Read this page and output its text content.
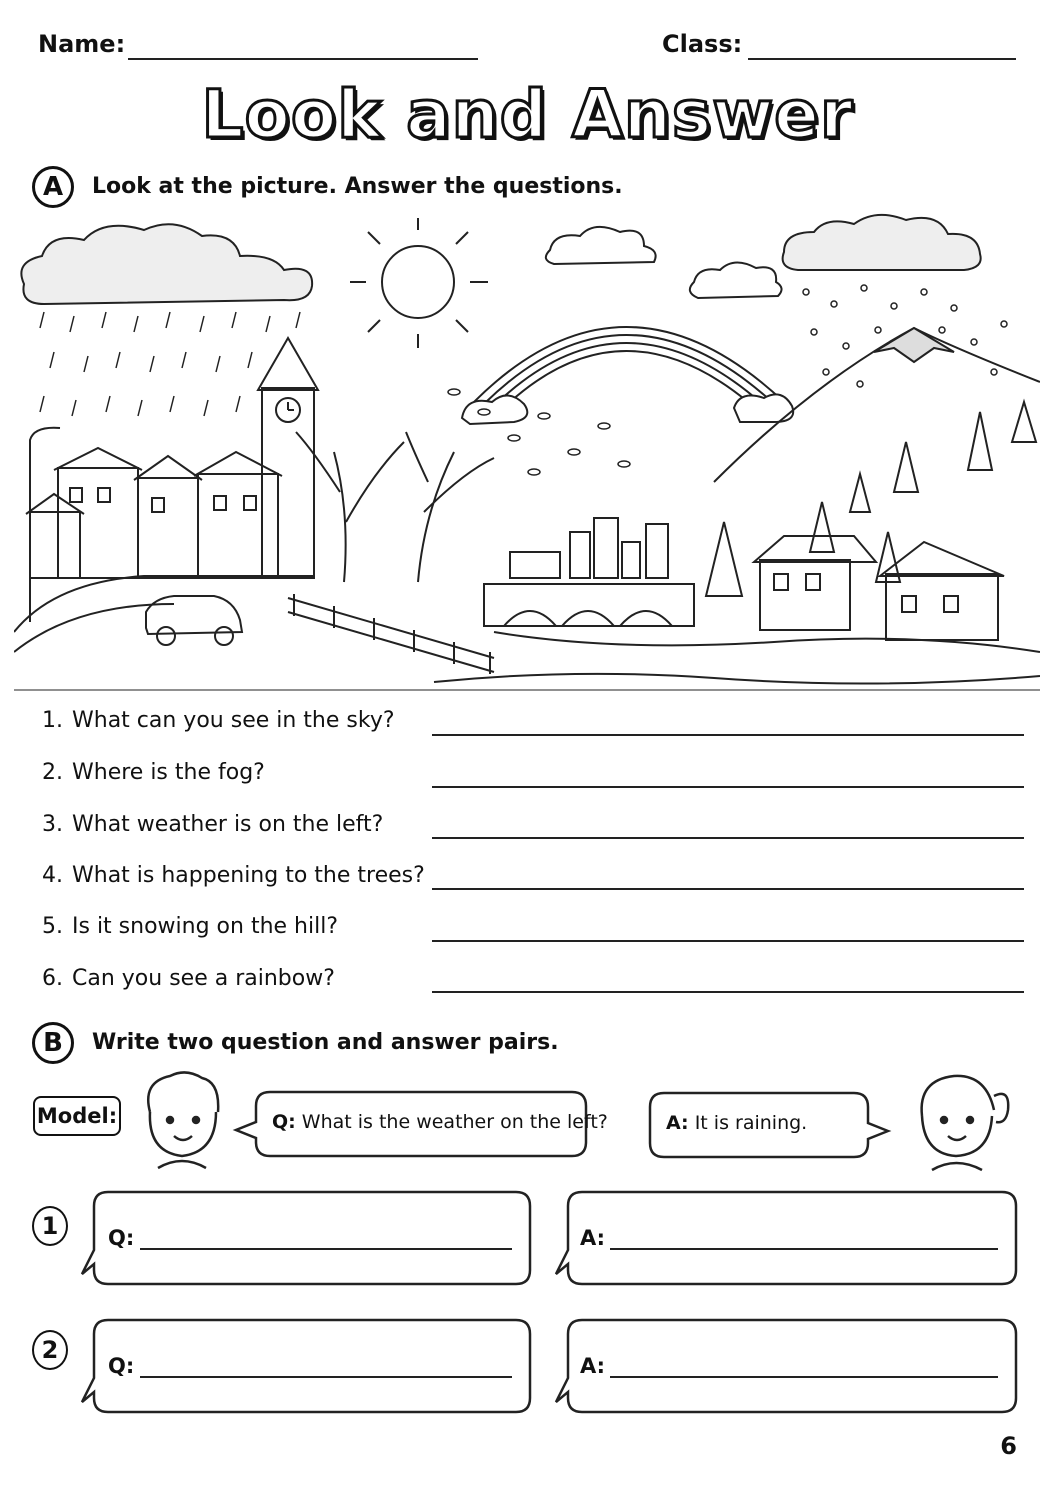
Name:	Class:
Look and Answer
A	Look at the picture. Answer the questions.
1. What can you see in the sky?
2. Where is the fog?
3. What weather is on the left?
4. What is happening to the trees?
5. Is it snowing on the hill?
6. Can you see a rainbow?
B	Write two question and answer pairs.
Model:	Q: What is the weather on the left?	A: It is raining.
1	Q:	A:
2
Q:	A:
6
